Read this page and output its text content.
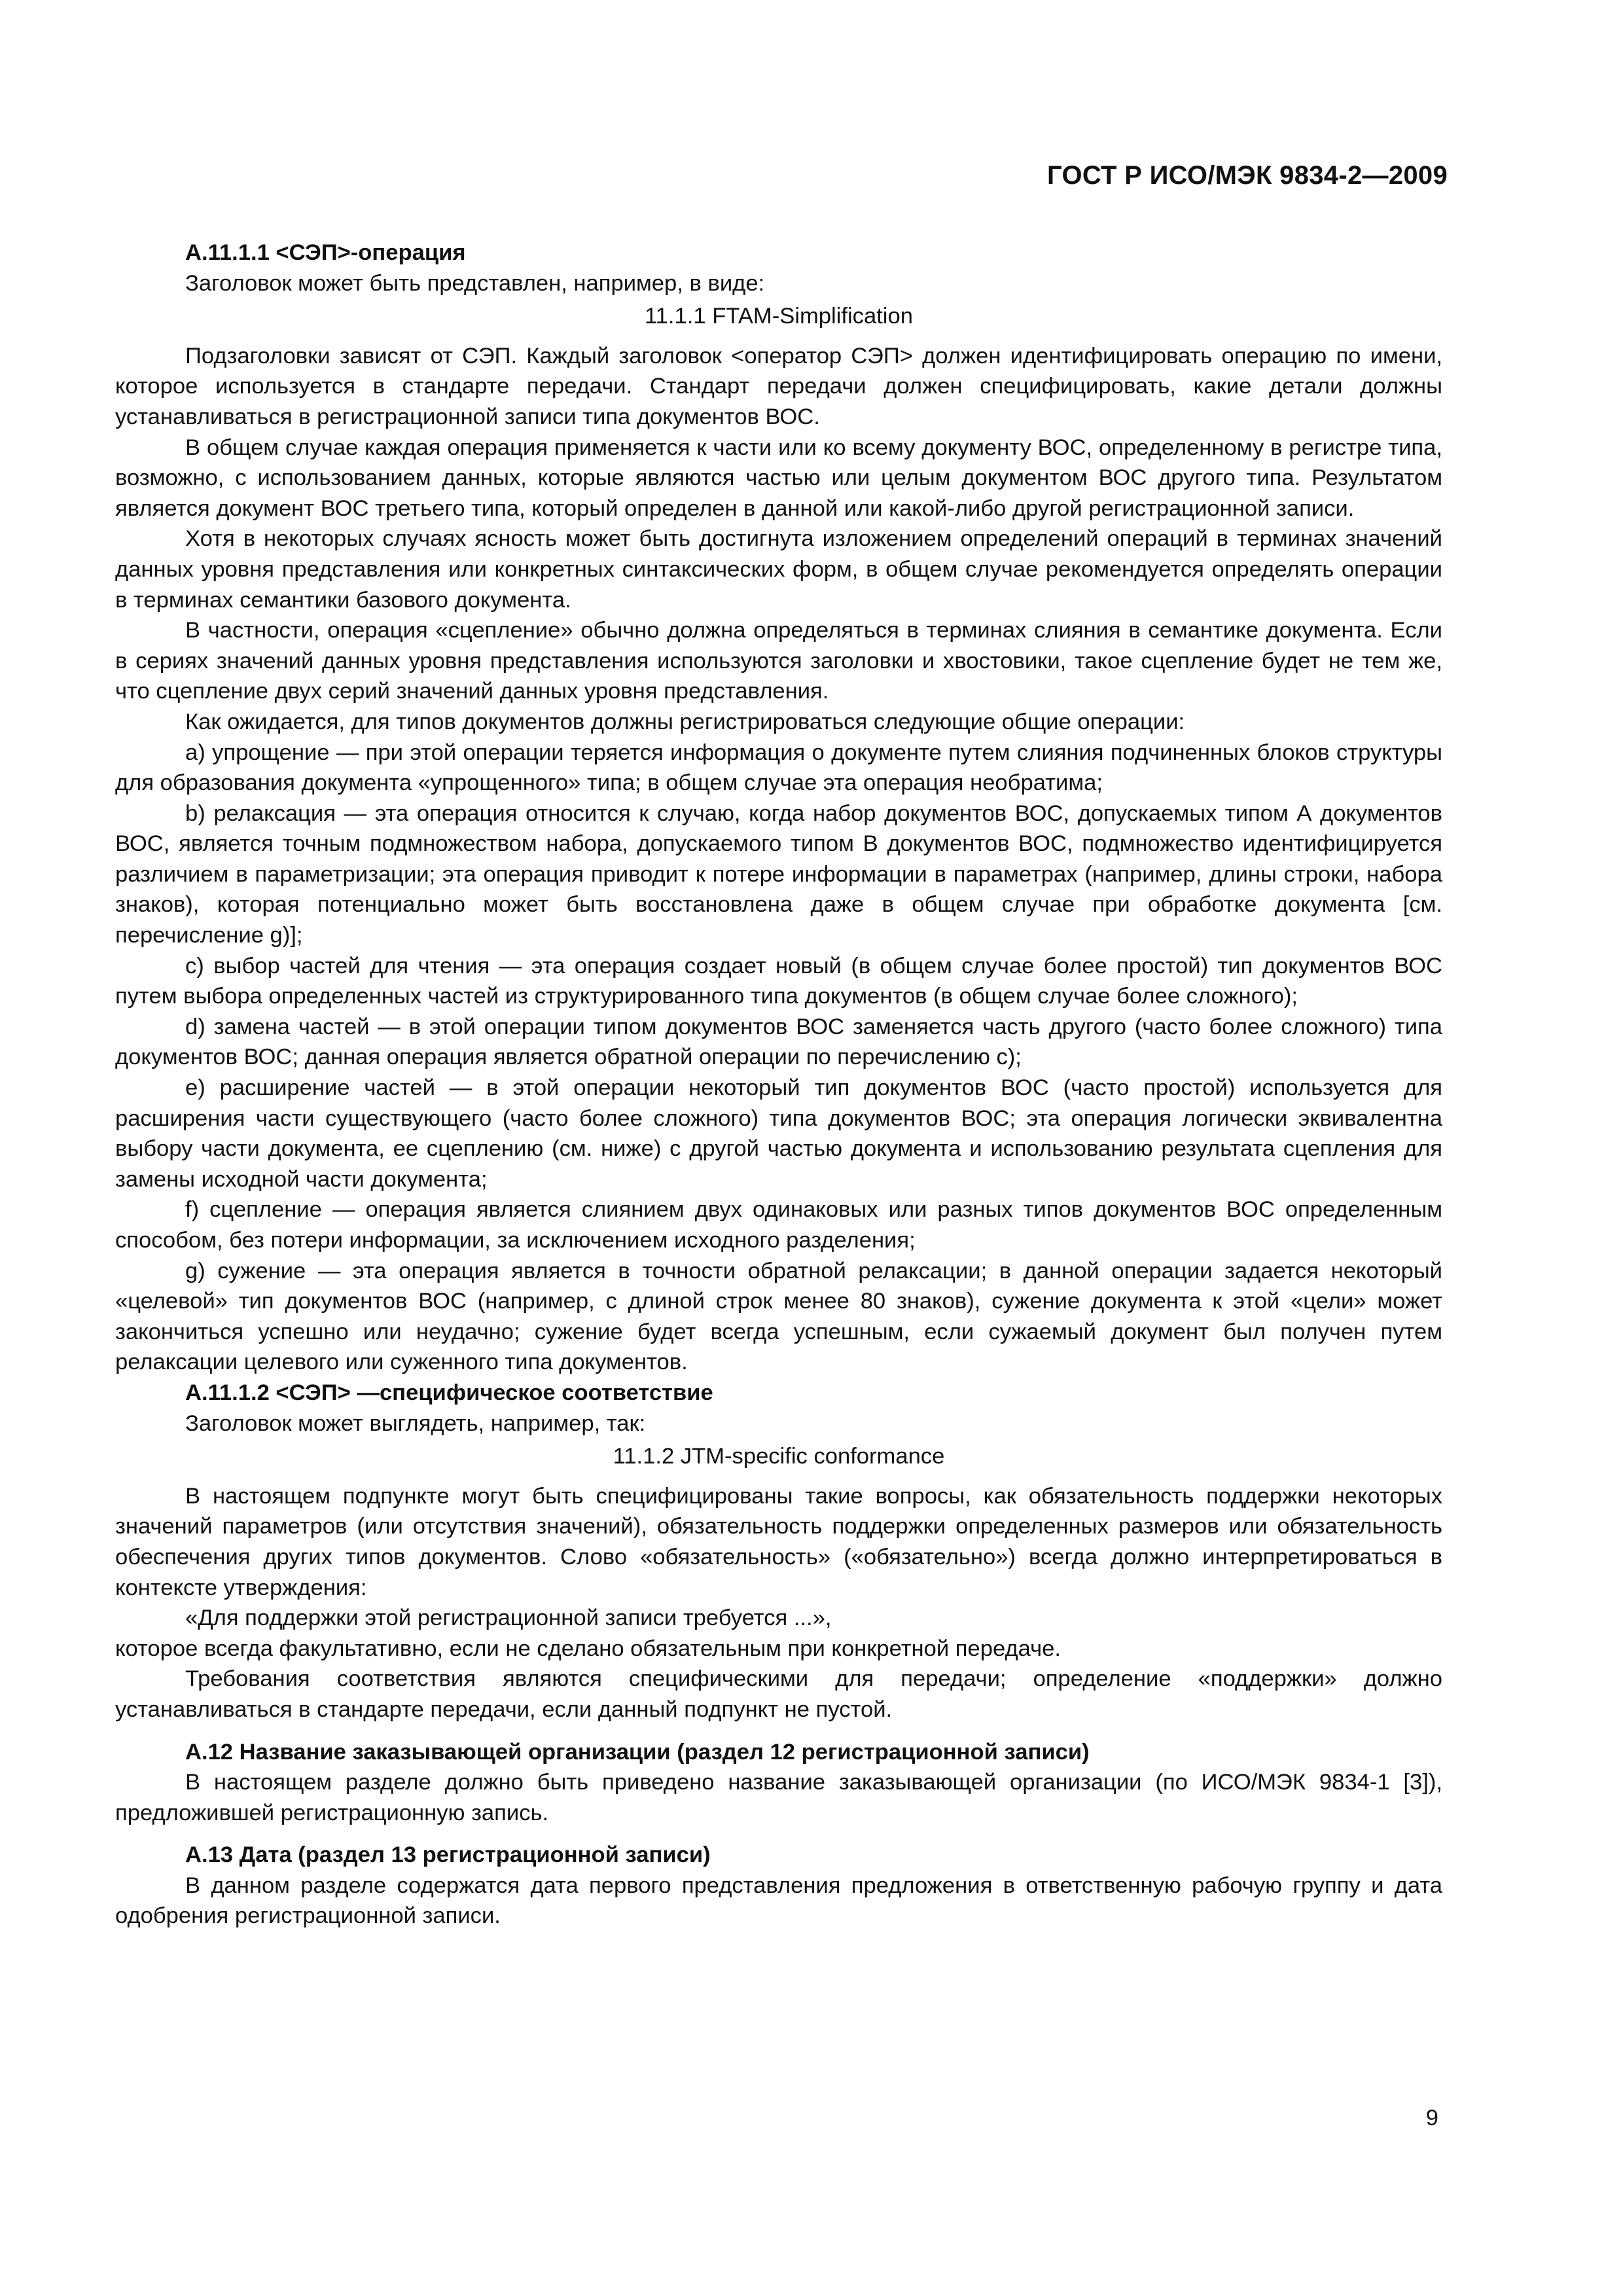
ГОСТ Р ИСО/МЭК 9834-2—2009
А.11.1.1 <СЭП>-операция

Заголовок может быть представлен, например, в виде:

11.1.1 FTAM-Simplification

Подзаголовки зависят от СЭП. Каждый заголовок <оператор СЭП> должен идентифицировать операцию по имени, которое используется в стандарте передачи. Стандарт передачи должен специфицировать, какие детали должны устанавливаться в регистрационной записи типа документов ВОС.

В общем случае каждая операция применяется к части или ко всему документу ВОС, определенному в регистре типа, возможно, с использованием данных, которые являются частью или целым документом ВОС другого типа. Результатом является документ ВОС третьего типа, который определен в данной или какой-либо другой регистрационной записи.

Хотя в некоторых случаях ясность может быть достигнута изложением определений операций в терминах значений данных уровня представления или конкретных синтаксических форм, в общем случае рекомендуется определять операции в терминах семантики базового документа.

В частности, операция «сцепление» обычно должна определяться в терминах слияния в семантике документа. Если в сериях значений данных уровня представления используются заголовки и хвостовики, такое сцепление будет не тем же, что сцепление двух серий значений данных уровня представления.

Как ожидается, для типов документов должны регистрироваться следующие общие операции:

а) упрощение — при этой операции теряется информация о документе путем слияния подчиненных блоков структуры для образования документа «упрощенного» типа; в общем случае эта операция необратима;

b) релаксация — эта операция относится к случаю, когда набор документов ВОС, допускаемых типом А документов ВОС, является точным подмножеством набора, допускаемого типом В документов ВОС, подмножество идентифицируется различием в параметризации; эта операция приводит к потере информации в параметрах (например, длины строки, набора знаков), которая потенциально может быть восстановлена даже в общем случае при обработке документа [см. перечисление g)];

с) выбор частей для чтения — эта операция создает новый (в общем случае более простой) тип документов ВОС путем выбора определенных частей из структурированного типа документов (в общем случае более сложного);

d) замена частей — в этой операции типом документов ВОС заменяется часть другого (часто более сложного) типа документов ВОС; данная операция является обратной операции по перечислению с);

е) расширение частей — в этой операции некоторый тип документов ВОС (часто простой) используется для расширения части существующего (часто более сложного) типа документов ВОС; эта операция логически эквивалентна выбору части документа, ее сцеплению (см. ниже) с другой частью документа и использованию результата сцепления для замены исходной части документа;

f) сцепление — операция является слиянием двух одинаковых или разных типов документов ВОС определенным способом, без потери информации, за исключением исходного разделения;

g) сужение — эта операция является в точности обратной релаксации; в данной операции задается некоторый «целевой» тип документов ВОС (например, с длиной строк менее 80 знаков), сужение документа к этой «цели» может закончиться успешно или неудачно; сужение будет всегда успешным, если сужаемый документ был получен путем релаксации целевого или суженного типа документов.

А.11.1.2 <СЭП> —специфическое соответствие

Заголовок может выглядеть, например, так:

11.1.2 JTM-specific conformance

В настоящем подпункте могут быть специфицированы такие вопросы, как обязательность поддержки некоторых значений параметров (или отсутствия значений), обязательность поддержки определенных размеров или обязательность обеспечения других типов документов. Слово «обязательность» («обязательно») всегда должно интерпретироваться в контексте утверждения:

«Для поддержки этой регистрационной записи требуется ...»,

которое всегда факультативно, если не сделано обязательным при конкретной передаче.

Требования соответствия являются специфическими для передачи; определение «поддержки» должно устанавливаться в стандарте передачи, если данный подпункт не пустой.

А.12 Название заказывающей организации (раздел 12 регистрационной записи)

В настоящем разделе должно быть приведено название заказывающей организации (по ИСО/МЭК 9834-1 [3]), предложившей регистрационную запись.

А.13 Дата (раздел 13 регистрационной записи)

В данном разделе содержатся дата первого представления предложения в ответственную рабочую группу и дата одобрения регистрационной записи.

9
